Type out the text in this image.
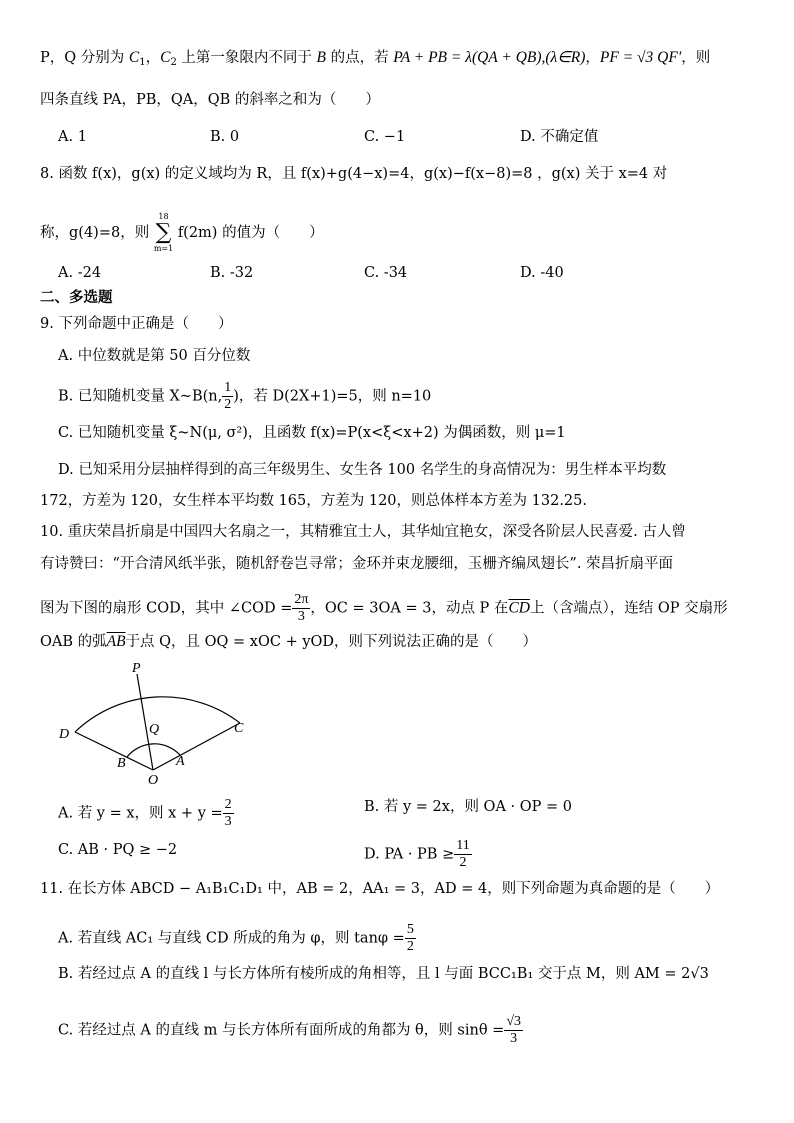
P，Q 分别为 $C_1$，$C_2$ 上第一象限内不同于 B 的点，若 PA + PB = λ(QA + QB),(λ∈R)，PF = √3 QF′，则
四条直线 PA，PB，QA，QB 的斜率之和为（　　）
A. 1	B. 0	C. −1	D. 不确定值
8. 函数 f(x)，g(x) 的定义域均为 R，且 f(x)+g(4−x)=4，g(x)−f(x−8)=8 ，g(x) 关于 x=4 对
称，g(4)=8，则
18
∑
m=1
f(2m) 的值为（　　）
A. -24	B. -32	C. -34	D. -40
二、多选题
9. 下列命题中正确是（　　）
A. 中位数就是第 50 百分位数
B. 已知随机变量 X~B(n, $\frac{1}{2}$ )，若 D(2X+1)=5，则 n=10
C. 已知随机变量 ξ~N(μ, σ²)，且函数 f(x)=P(x<ξ<x+2) 为偶函数，则 μ=1
D. 已知采用分层抽样得到的高三年级男生、女生各 100 名学生的身高情况为：男生样本平均数
172，方差为 120，女生样本平均数 165，方差为 120，则总体样本方差为 132.25.
10. 重庆荣昌折扇是中国四大名扇之一，其精雅宜士人，其华灿宜艳女，深受各阶层人民喜爱. 古人曾
有诗赞曰：“开合清风纸半张，随机舒卷岂寻常；金环并束龙腰细，玉栅齐编凤翅长”. 荣昌折扇平面
图为下图的扇形 COD，其中 ∠COD = $\frac{2\pi}{3}$ ，OC = 3OA = 3，动点 P 在$\overline{CD}$上（含端点），连结 OP 交扇形
OAB 的弧$\overline{AB}$于点 Q，且 OQ = xOC + yOD，则下列说法正确的是（　　）
P
Q
D	C
B	A
O
A. 若 y = x，则 $x + y = \frac{2}{3}$	B. 若 y = 2x，则 OA · OP = 0
C. AB · PQ ≥ −2	D. PA · PB ≥ $\frac{11}{2}$
11. 在长方体 ABCD − A₁B₁C₁D₁ 中，AB = 2，AA₁ = 3，AD = 4，则下列命题为真命题的是（　　）
A. 若直线 AC₁ 与直线 CD 所成的角为 φ，则 $\tan\varphi = \frac{5}{2}$
B. 若经过点 A 的直线 l 与长方体所有棱所成的角相等，且 l 与面 BCC₁B₁ 交于点 M，则 AM = 2√3
C. 若经过点 A 的直线 m 与长方体所有面所成的角都为 θ，则 $\sin\theta = \frac{√3}{3}$
